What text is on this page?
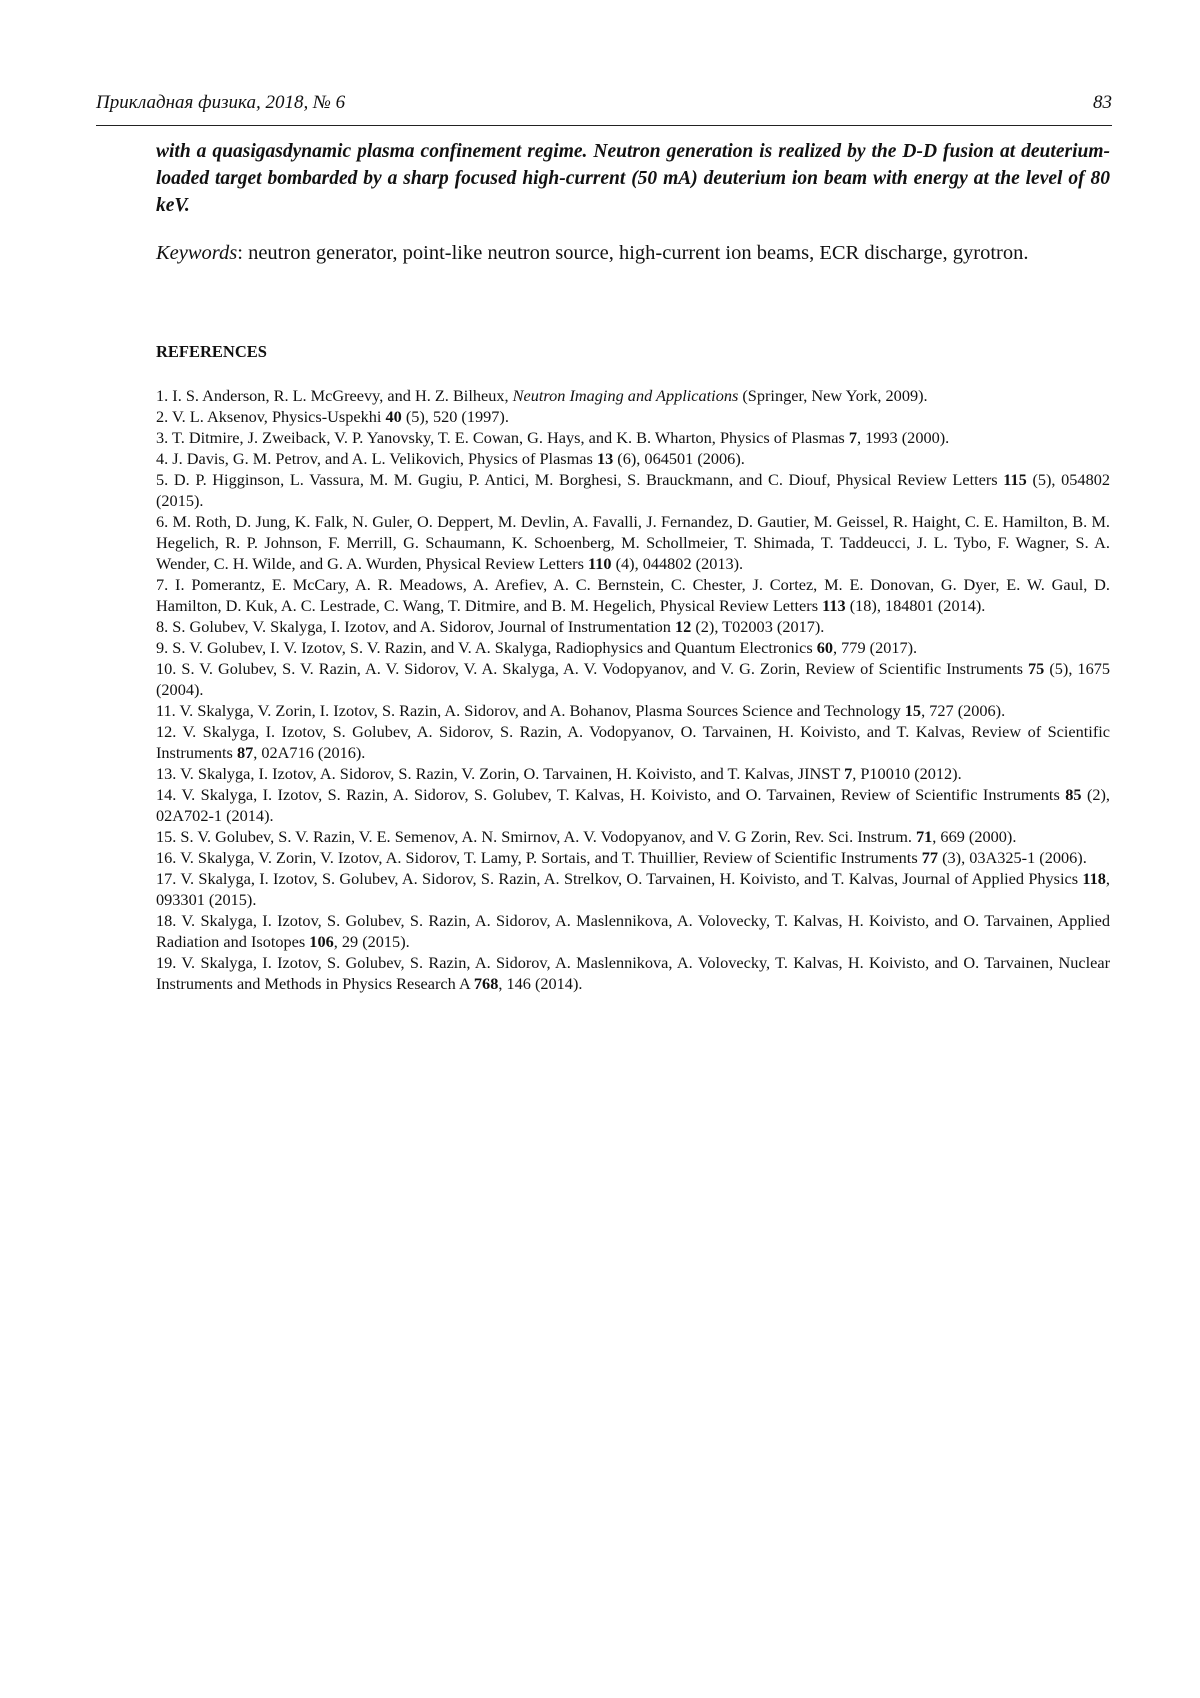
Прикладная физика, 2018, № 6	83

with a quasigasdynamic plasma confinement regime. Neutron generation is realized by the D-D fusion at deuterium-loaded target bombarded by a sharp focused high-current (50 mA) deuterium ion beam with energy at the level of 80 keV.

Keywords: neutron generator, point-like neutron source, high-current ion beams, ECR discharge, gyrotron.

REFERENCES

1. I. S. Anderson, R. L. McGreevy, and H. Z. Bilheux, Neutron Imaging and Applications (Springer, New York, 2009).
2. V. L. Aksenov, Physics-Uspekhi 40 (5), 520 (1997).
3. T. Ditmire, J. Zweiback, V. P. Yanovsky, T. E. Cowan, G. Hays, and K. B. Wharton, Physics of Plasmas 7, 1993 (2000).
4. J. Davis, G. M. Petrov, and A. L. Velikovich, Physics of Plasmas 13 (6), 064501 (2006).
5. D. P. Higginson, L. Vassura, M. M. Gugiu, P. Antici, M. Borghesi, S. Brauckmann, and C. Diouf, Physical Review Letters 115 (5), 054802 (2015).
6. M. Roth, D. Jung, K. Falk, N. Guler, O. Deppert, M. Devlin, A. Favalli, J. Fernandez, D. Gautier, M. Geissel, R. Haight, C. E. Hamilton, B. M. Hegelich, R. P. Johnson, F. Merrill, G. Schaumann, K. Schoenberg, M. Schollmeier, T. Shimada, T. Taddeucci, J. L. Tybo, F. Wagner, S. A. Wender, C. H. Wilde, and G. A. Wurden, Physical Review Letters 110 (4), 044802 (2013).
7. I. Pomerantz, E. McCary, A. R. Meadows, A. Arefiev, A. C. Bernstein, C. Chester, J. Cortez, M. E. Donovan, G. Dyer, E. W. Gaul, D. Hamilton, D. Kuk, A. C. Lestrade, C. Wang, T. Ditmire, and B. M. Hegelich, Physical Review Letters 113 (18), 184801 (2014).
8. S. Golubev, V. Skalyga, I. Izotov, and A. Sidorov, Journal of Instrumentation 12 (2), T02003 (2017).
9. S. V. Golubev, I. V. Izotov, S. V. Razin, and V. A. Skalyga, Radiophysics and Quantum Electronics 60, 779 (2017).
10. S. V. Golubev, S. V. Razin, A. V. Sidorov, V. A. Skalyga, A. V. Vodopyanov, and V. G. Zorin, Review of Scientific Instruments 75 (5), 1675 (2004).
11. V. Skalyga, V. Zorin, I. Izotov, S. Razin, A. Sidorov, and A. Bohanov, Plasma Sources Science and Technology 15, 727 (2006).
12. V. Skalyga, I. Izotov, S. Golubev, A. Sidorov, S. Razin, A. Vodopyanov, O. Tarvainen, H. Koivisto, and T. Kalvas, Review of Scientific Instruments 87, 02A716 (2016).
13. V. Skalyga, I. Izotov, A. Sidorov, S. Razin, V. Zorin, O. Tarvainen, H. Koivisto, and T. Kalvas, JINST 7, P10010 (2012).
14. V. Skalyga, I. Izotov, S. Razin, A. Sidorov, S. Golubev, T. Kalvas, H. Koivisto, and O. Tarvainen, Review of Scientific Instruments 85 (2), 02A702-1 (2014).
15. S. V. Golubev, S. V. Razin, V. E. Semenov, A. N. Smirnov, A. V. Vodopyanov, and V. G Zorin, Rev. Sci. Instrum. 71, 669 (2000).
16. V. Skalyga, V. Zorin, V. Izotov, A. Sidorov, T. Lamy, P. Sortais, and T. Thuillier, Review of Scientific Instruments 77 (3), 03A325-1 (2006).
17. V. Skalyga, I. Izotov, S. Golubev, A. Sidorov, S. Razin, A. Strelkov, O. Tarvainen, H. Koivisto, and T. Kalvas, Journal of Applied Physics 118, 093301 (2015).
18. V. Skalyga, I. Izotov, S. Golubev, S. Razin, A. Sidorov, A. Maslennikova, A. Volovecky, T. Kalvas, H. Koivisto, and O. Tarvainen, Applied Radiation and Isotopes 106, 29 (2015).
19. V. Skalyga, I. Izotov, S. Golubev, S. Razin, A. Sidorov, A. Maslennikova, A. Volovecky, T. Kalvas, H. Koivisto, and O. Tarvainen, Nuclear Instruments and Methods in Physics Research A 768, 146 (2014).
